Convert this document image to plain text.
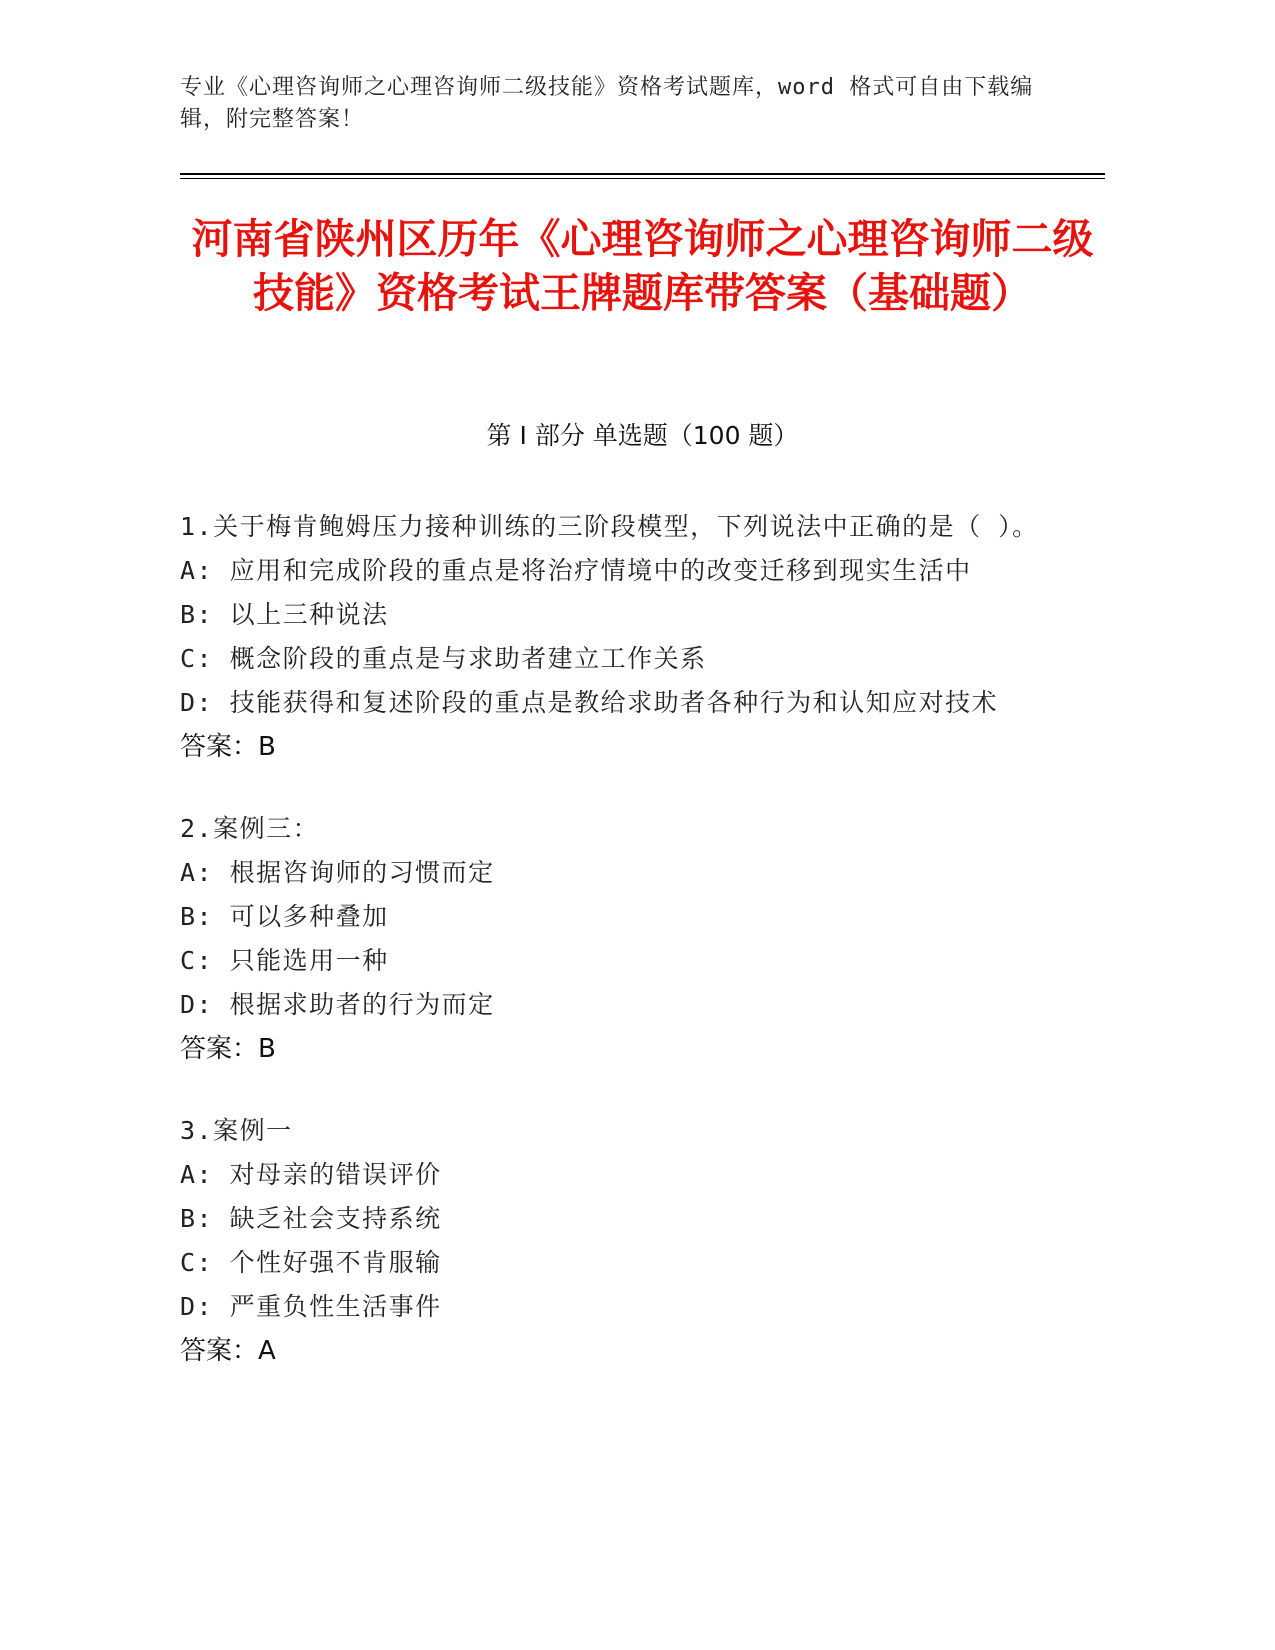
专业《心理咨询师之心理咨询师二级技能》资格考试题库，word 格式可自由下载编辑，附完整答案！
河南省陕州区历年《心理咨询师之心理咨询师二级技能》资格考试王牌题库带答案（基础题）
第 I 部分 单选题（100 题）
1.关于梅肯鲍姆压力接种训练的三阶段模型，下列说法中正确的是（ ）。
A: 应用和完成阶段的重点是将治疗情境中的改变迁移到现实生活中
B: 以上三种说法
C: 概念阶段的重点是与求助者建立工作关系
D: 技能获得和复述阶段的重点是教给求助者各种行为和认知应对技术
答案：B
2.案例三：
A: 根据咨询师的习惯而定
B: 可以多种叠加
C: 只能选用一种
D: 根据求助者的行为而定
答案：B
3.案例一
A: 对母亲的错误评价
B: 缺乏社会支持系统
C: 个性好强不肯服输
D: 严重负性生活事件
答案：A
